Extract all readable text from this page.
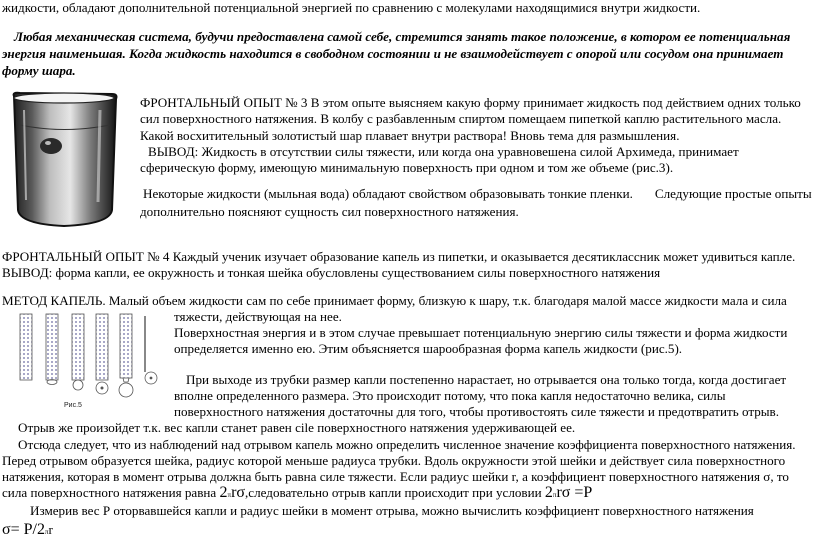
Рис.5

жидкости, обладают дополнительной потенциальной энергией по сравнению с молекулами находящимися внутри жидкости.

Любая механическая система, будучи предоставлена самой себе, стремится занять такое положение, в котором ее потенциальная

энергия наименьшая. Когда жидкость находится в свободном состоянии и не взаимодействует с опорой или сосудом она принимает

форму шара.

ФРОНТАЛЬНЫЙ ОПЫТ № 3 В этом опыте выясняем какую форму принимает жидкость под действием одних только

сил поверхностного натяжения. В колбу с разбавленным спиртом помещаем пипеткой каплю растительного масла.

Какой восхитительный золотистый шар плавает внутри раствора! Вновь тема для размышления.

ВЫВОД: Жидкость в отсутствии силы тяжести, или когда она уравновешена силой Архимеда, принимает

сферическую форму, имеющую минимальную поверхность при одном и том же объеме (рис.3).

Некоторые жидкости (мыльная вода) обладают свойством образовывать тонкие пленки. Следующие простые опыты

дополнительно поясняют сущность сил поверхностного натяжения.

ФРОНТАЛЬНЫЙ ОПЫТ № 4 Каждый ученик изучает образование капель из пипетки, и оказывается десятиклассник может удивиться капле.

ВЫВОД: форма капли, ее окружность и тонкая шейка обусловлены существованием силы поверхностного натяжения

МЕТОД КАПЕЛЬ. Малый объем жидкости сам по себе принимает форму, близкую к шару, т.к. благодаря малой массе жидкости мала и сила

тяжести, действующая на нее.

Поверхностная энергия и в этом случае превышает потенциальную энергию силы тяжести и форма жидкости

определяется именно ею. Этим объясняется шарообразная форма капель жидкости (рис.5).

При выходе из трубки размер капли постепенно нарастает, но отрывается она только тогда, когда достигает

вполне определенного размера. Это происходит потому, что пока капля недостаточно велика, силы

поверхностного натяжения достаточны для того, чтобы противостоять силе тяжести и предотвратить отрыв.

Отрыв же произойдет т.к. вес капли станет равен сile поверхностного натяжения удерживающей ее.

Отсюда следует, что из наблюдений над отрывом капель можно определить численное значение коэффициента поверхностного натяжения.

Перед отрывом образуется шейка, радиус которой меньше радиуса трубки. Вдоль окружности этой шейки и действует сила поверхностного

натяжения, которая в момент отрыва должна быть равна силе тяжести. Если радиус шейки r, а коэффициент поверхностного натяжения σ, то

сила поверхностного натяжения равна 2πrσ,следовательно отрыв капли происходит при условии 2πrσ =P

Измерив вес Р оторвавшейся капли и радиус шейки в момент отрыва, можно вычислить коэффициент поверхностного натяжения

σ= P/2πr
